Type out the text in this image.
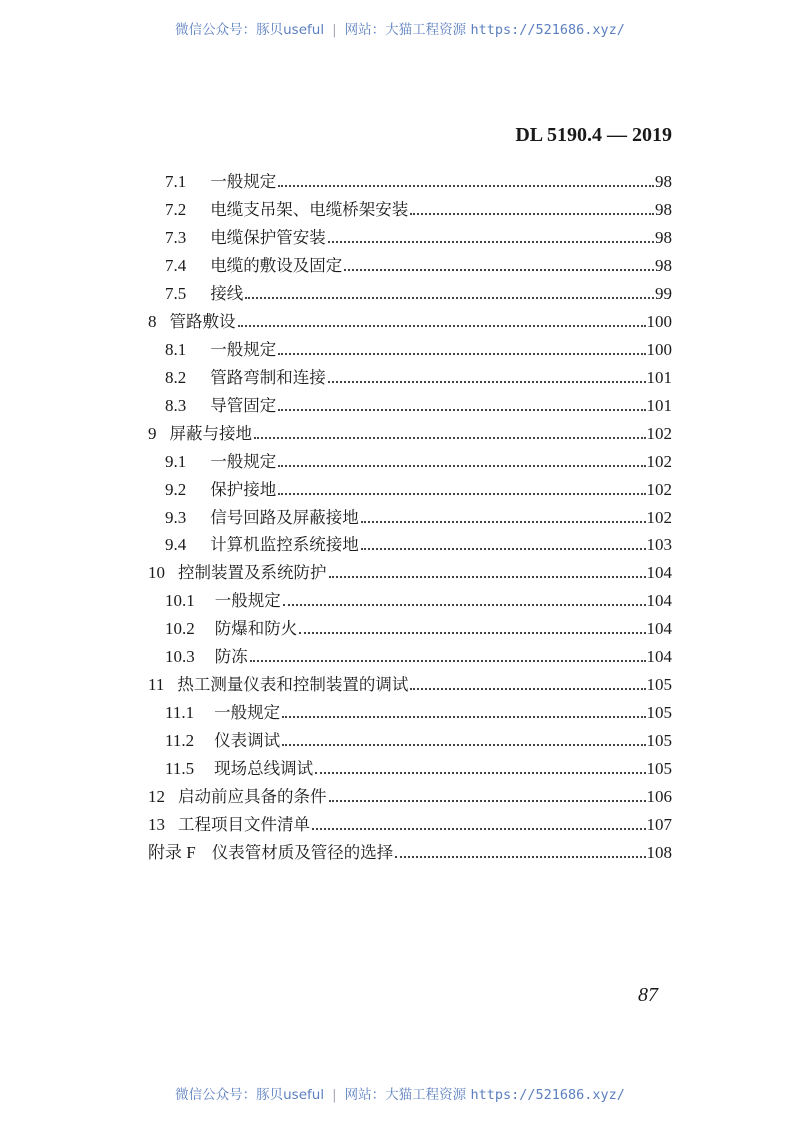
微信公众号：豚贝useful | 网站：大猫工程资源 https://521686.xyz/
DL 5190.4 — 2019
7.1 一般规定	98
7.2 电缆支吊架、电缆桥架安装	98
7.3 电缆保护管安装	98
7.4 电缆的敷设及固定	98
7.5 接线	99
8 管路敷设	100
8.1 一般规定	100
8.2 管路弯制和连接	101
8.3 导管固定	101
9 屏蔽与接地	102
9.1 一般规定	102
9.2 保护接地	102
9.3 信号回路及屏蔽接地	102
9.4 计算机监控系统接地	103
10 控制装置及系统防护	104
10.1 一般规定	104
10.2 防爆和防火	104
10.3 防冻	104
11 热工测量仪表和控制装置的调试	105
11.1 一般规定	105
11.2 仪表调试	105
11.5 现场总线调试	105
12 启动前应具备的条件	106
13 工程项目文件清单	107
附录 F 仪表管材质及管径的选择	108
87
微信公众号：豚贝useful | 网站：大猫工程资源 https://521686.xyz/
